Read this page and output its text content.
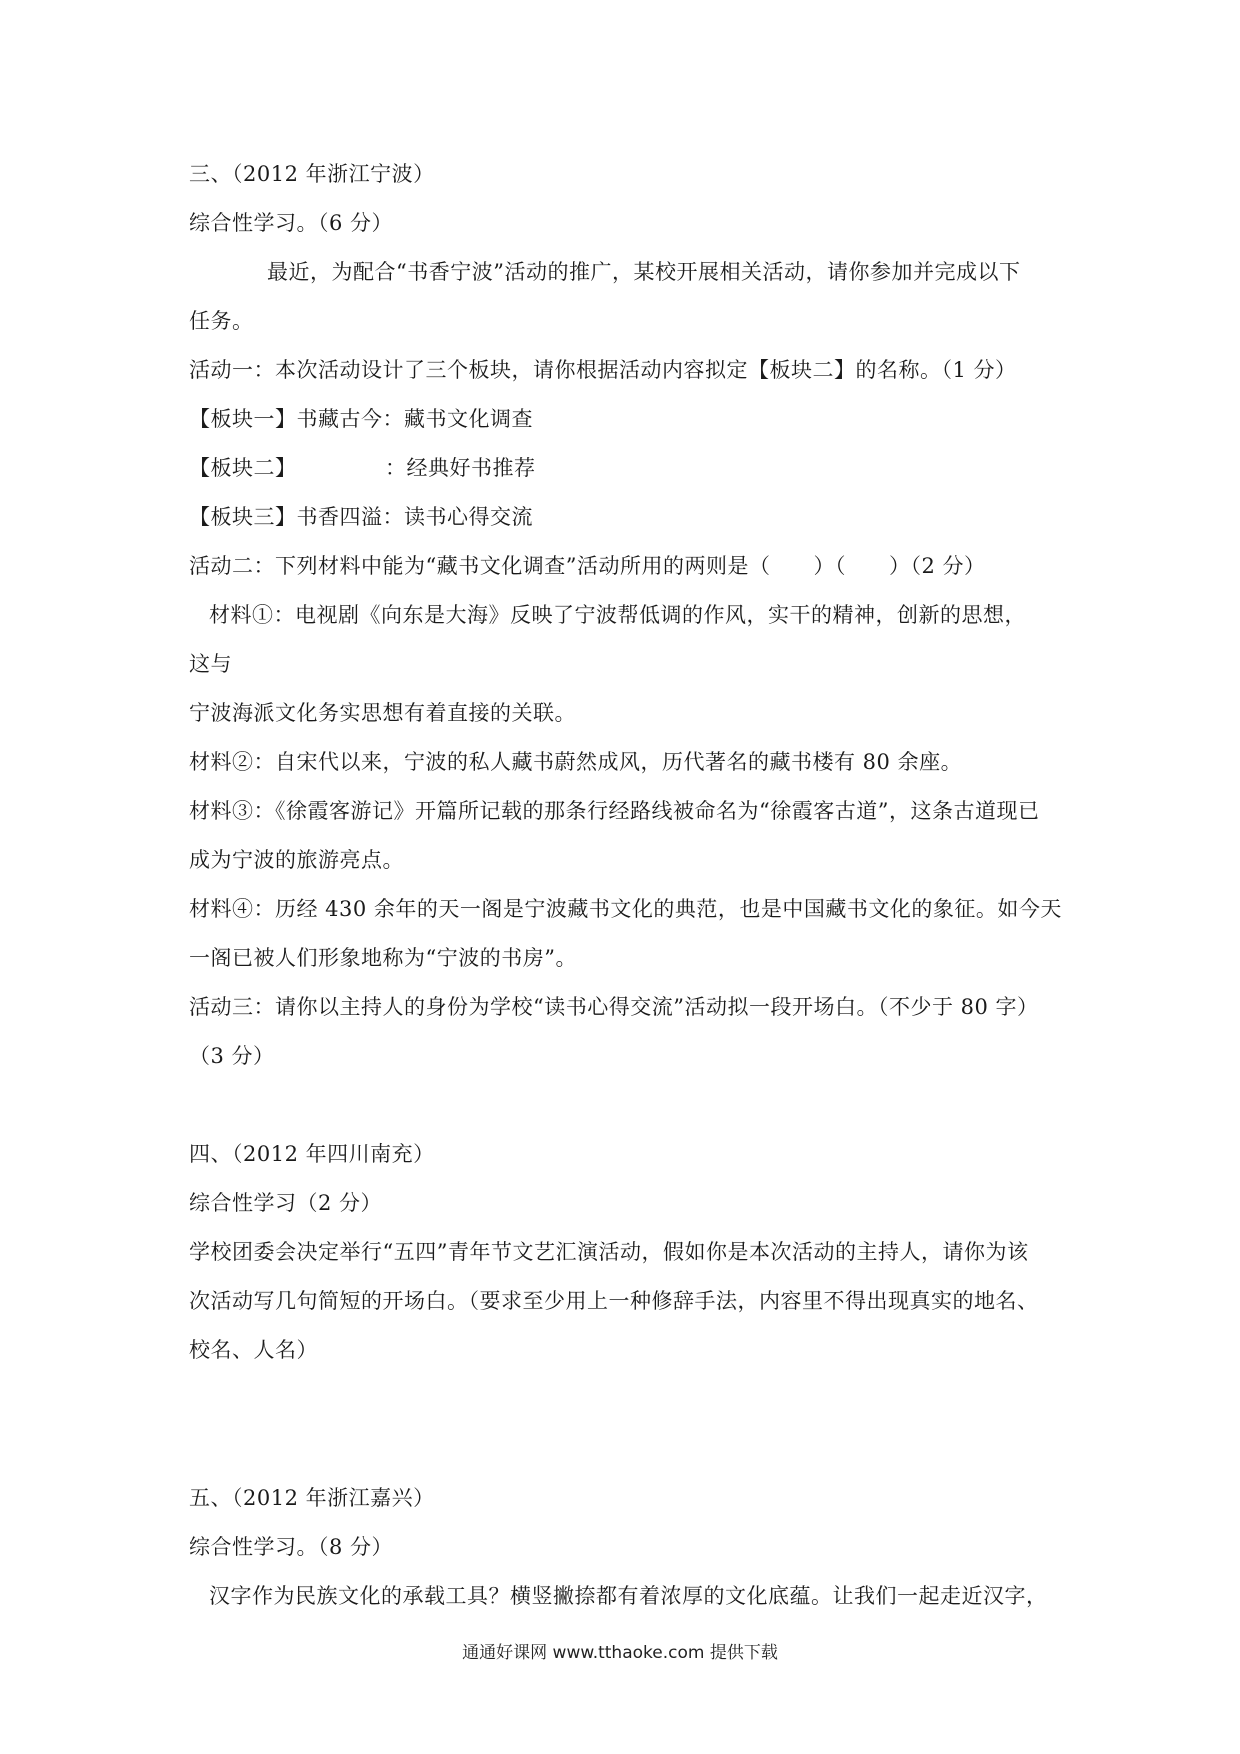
三、（2012 年浙江宁波）
综合性学习。（6 分）
最近，为配合“书香宁波”活动的推广，某校开展相关活动，请你参加并完成以下
任务。
活动一：本次活动设计了三个板块，请你根据活动内容拟定【板块二】的名称。（1 分）
【板块一】书藏古今：藏书文化调查
【板块二】	：经典好书推荐
【板块三】书香四溢：读书心得交流
活动二：下列材料中能为“藏书文化调查”活动所用的两则是（　　）（　　）（2 分）
材料①：电视剧《向东是大海》反映了宁波帮低调的作风，实干的精神，创新的思想，
这与
宁波海派文化务实思想有着直接的关联。
材料②：自宋代以来，宁波的私人藏书蔚然成风，历代著名的藏书楼有 80 余座。
材料③：《徐霞客游记》开篇所记载的那条行经路线被命名为“徐霞客古道”，这条古道现已
成为宁波的旅游亮点。
材料④：历经 430 余年的天一阁是宁波藏书文化的典范，也是中国藏书文化的象征。如今天
一阁已被人们形象地称为“宁波的书房”。
活动三：请你以主持人的身份为学校“读书心得交流”活动拟一段开场白。（不少于 80 字）
（3 分）
四、（2012 年四川南充）
综合性学习（2 分）
学校团委会决定举行“五四”青年节文艺汇演活动，假如你是本次活动的主持人，请你为该
次活动写几句简短的开场白。（要求至少用上一种修辞手法，内容里不得出现真实的地名、
校名、人名）
五、（2012 年浙江嘉兴）
综合性学习。（8 分）
汉字作为民族文化的承载工具？横竖撇捺都有着浓厚的文化底蕴。让我们一起走近汉字，
通通好课网 www.tthaoke.com 提供下载
